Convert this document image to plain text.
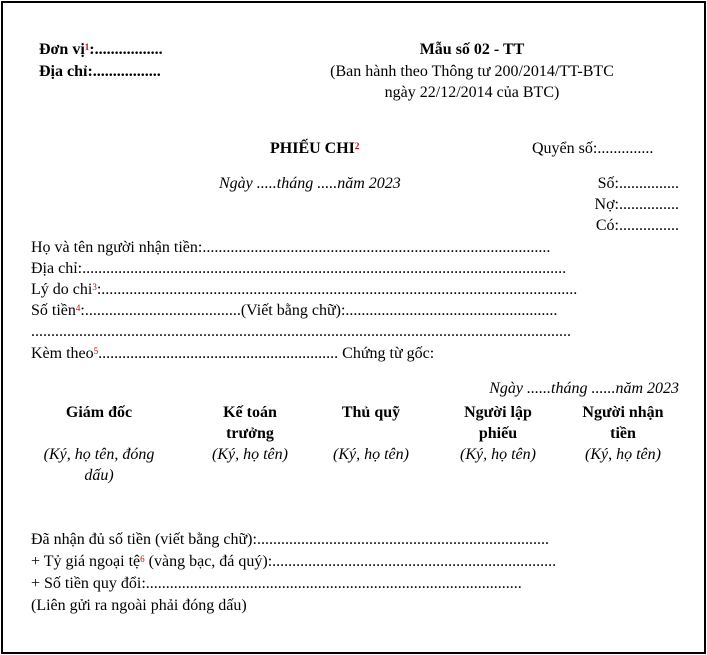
Đơn vị$^1$:.................
Địa chỉ:.................
Mẫu số 02 - TT
(Ban hành theo Thông tư 200/2014/TT-BTC
ngày 22/12/2014 của BTC)
PHIẾU CHI$^2$	Quyển số:..............
Ngày .....tháng .....năm 2023	Số:...............
Nợ:...............
Có:...............
Họ và tên người nhận tiền:.......................................................................................
Địa chỉ:.........................................................................................................................
Lý do chi$^3$:.......................................................................................................................
Số tiền$^4$:.......................................(Viết bằng chữ):.....................................................
.......................................................................................................................................
Kèm theo$^5$............................................................ Chứng từ gốc:
Ngày ......tháng ......năm 2023
Giám đốc
(Ký, họ tên, đóng dấu)
Kế toán trưởng
(Ký, họ tên)
Thủ quỹ
(Ký, họ tên)
Người lập phiếu
(Ký, họ tên)
Người nhận tiền
(Ký, họ tên)
Đã nhận đủ số tiền (viết bằng chữ):.........................................................................
+ Tỷ giá ngoại tệ$^6$ (vàng bạc, đá quý):.......................................................................
+ Số tiền quy đổi:..............................................................................................
(Liên gửi ra ngoài phải đóng dấu)
